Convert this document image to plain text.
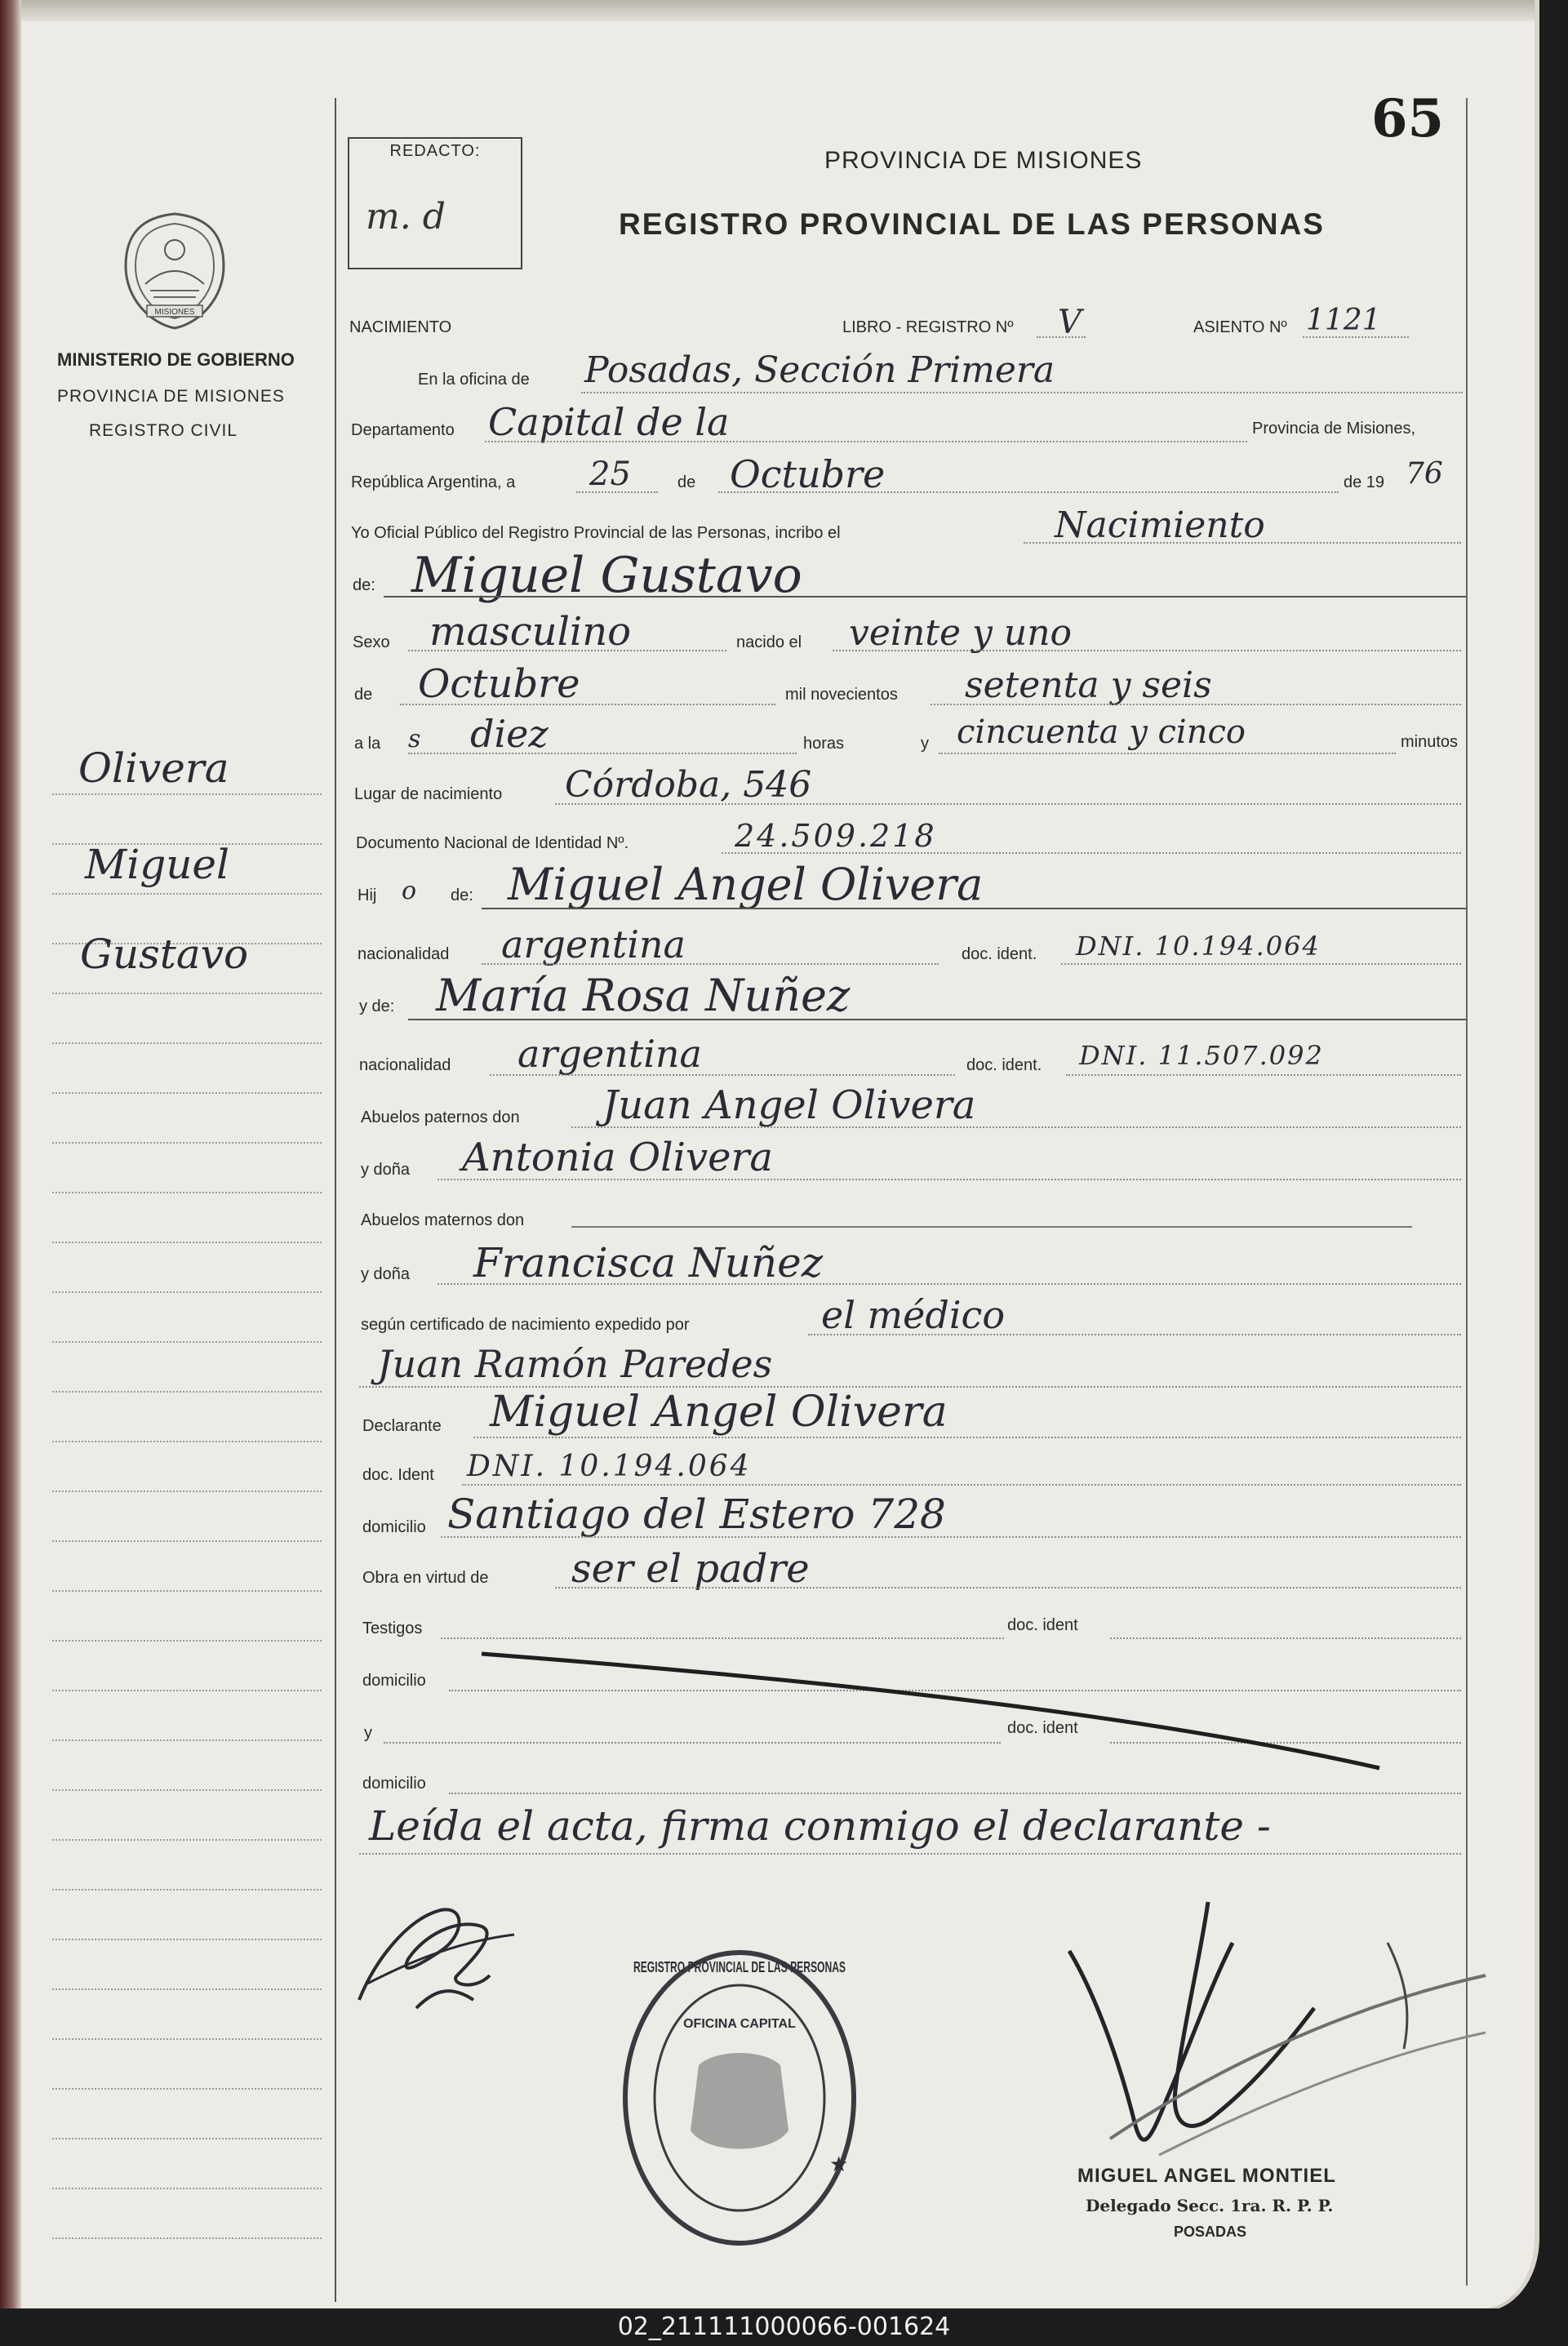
65
REDACTO:
m. d
PROVINCIA DE MISIONES
REGISTRO PROVINCIAL DE LAS PERSONAS
MISIONES
MINISTERIO DE GOBIERNO
PROVINCIA DE MISIONES
REGISTRO CIVIL
Olivera
Miguel
Gustavo
NACIMIENTO	LIBRO - REGISTRO Nº V	ASIENTO Nº 1121
En la oficina de Posadas, Sección Primera
Departamento Capital de la	Provincia de Misiones,
República Argentina, a 25	de Octubre	de 19 76
Yo Oficial Público del Registro Provincial de las Personas, incribo el	Nacimiento
de: Miguel Gustavo
Sexo masculino	nacido el veinte y uno
de Octubre	mil novecientos setenta y seis
a la s diez	horas	y cincuenta y cinco	minutos
Lugar de nacimiento Córdoba, 546
Documento Nacional de Identidad Nº.	24.509.218
Hij o de: Miguel Angel Olivera
nacionalidad argentina	doc. ident. DNI. 10.194.064
y de: María Rosa Nuñez
nacionalidad argentina	doc. ident. DNI. 11.507.092
Abuelos paternos don Juan Angel Olivera
y doña Antonia Olivera
Abuelos maternos don
y doña Francisca Nuñez
según certificado de nacimiento expedido por	el médico
Juan Ramón Paredes
Declarante Miguel Angel Olivera
doc. Ident DNI. 10.194.064
domicilio Santiago del Estero 728
Obra en virtud de ser el padre
Testigos	doc. ident
domicilio
y	doc. ident
domicilio
Leída el acta, firma conmigo el declarante -
REGISTRO PROVINCIAL DE LAS PERSONAS
OFICINA CAPITAL
★	MIGUEL ANGEL MONTIEL
Delegado Secc. 1ra. R. P. P.
POSADAS
02_211111000066-001624
